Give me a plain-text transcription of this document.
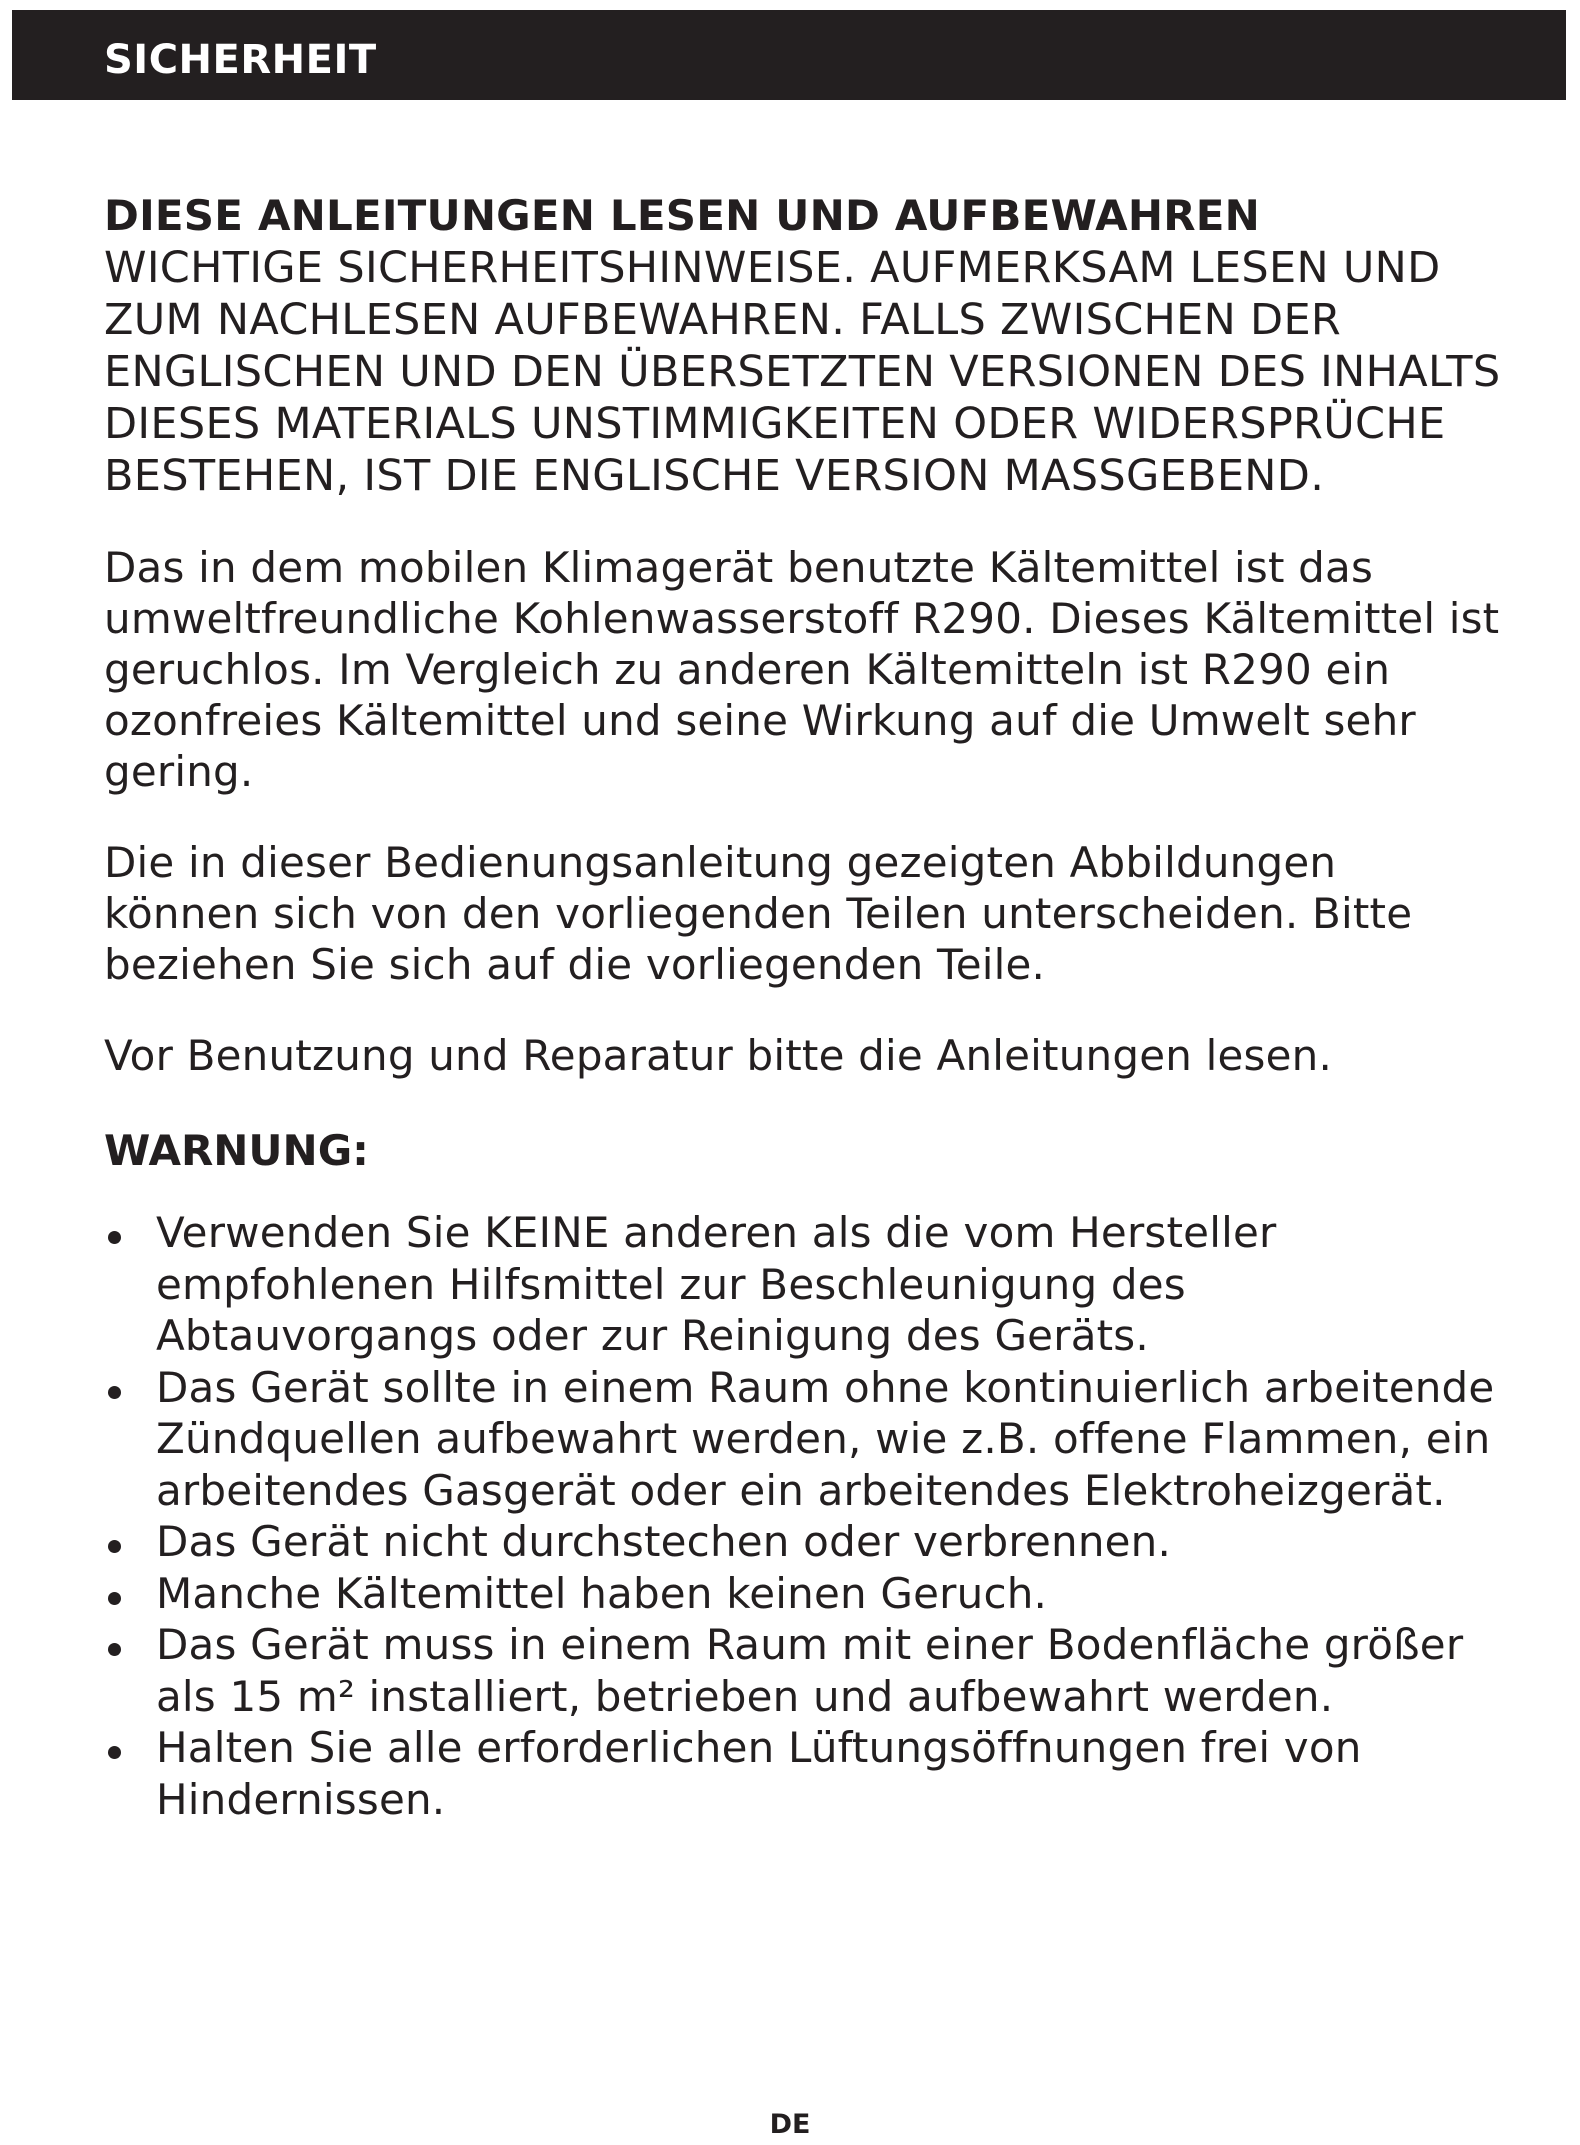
SICHERHEIT
DIESE ANLEITUNGEN LESEN UND AUFBEWAHREN

WICHTIGE SICHERHEITSHINWEISE. AUFMERKSAM LESEN UND ZUM NACHLESEN AUFBEWAHREN. FALLS ZWISCHEN DER ENGLISCHEN UND DEN ÜBERSETZTEN VERSIONEN DES INHALTS DIESES MATERIALS UNSTIMMIGKEITEN ODER WIDERSPRÜCHE BESTEHEN, IST DIE ENGLISCHE VERSION MASSGEBEND.

Das in dem mobilen Klimagerät benutzte Kältemittel ist das umweltfreundliche Kohlenwasserstoff R290. Dieses Kältemittel ist geruchlos. Im Vergleich zu anderen Kältemitteln ist R290 ein ozonfreies Kältemittel und seine Wirkung auf die Umwelt sehr gering.

Die in dieser Bedienungsanleitung gezeigten Abbildungen können sich von den vorliegenden Teilen unterscheiden. Bitte beziehen Sie sich auf die vorliegenden Teile.

Vor Benutzung und Reparatur bitte die Anleitungen lesen.

WARNUNG:
Verwenden Sie KEINE anderen als die vom Hersteller empfohlenen Hilfsmittel zur Beschleunigung des Abtauvorgangs oder zur Reinigung des Geräts.
Das Gerät sollte in einem Raum ohne kontinuierlich arbeitende Zündquellen aufbewahrt werden, wie z.B. offene Flammen, ein arbeitendes Gasgerät oder ein arbeitendes Elektroheizgerät.
Das Gerät nicht durchstechen oder verbrennen.
Manche Kältemittel haben keinen Geruch.
Das Gerät muss in einem Raum mit einer Bodenfläche größer als 15 m² installiert, betrieben und aufbewahrt werden.
Halten Sie alle erforderlichen Lüftungsöffnungen frei von Hindernissen.
DE
